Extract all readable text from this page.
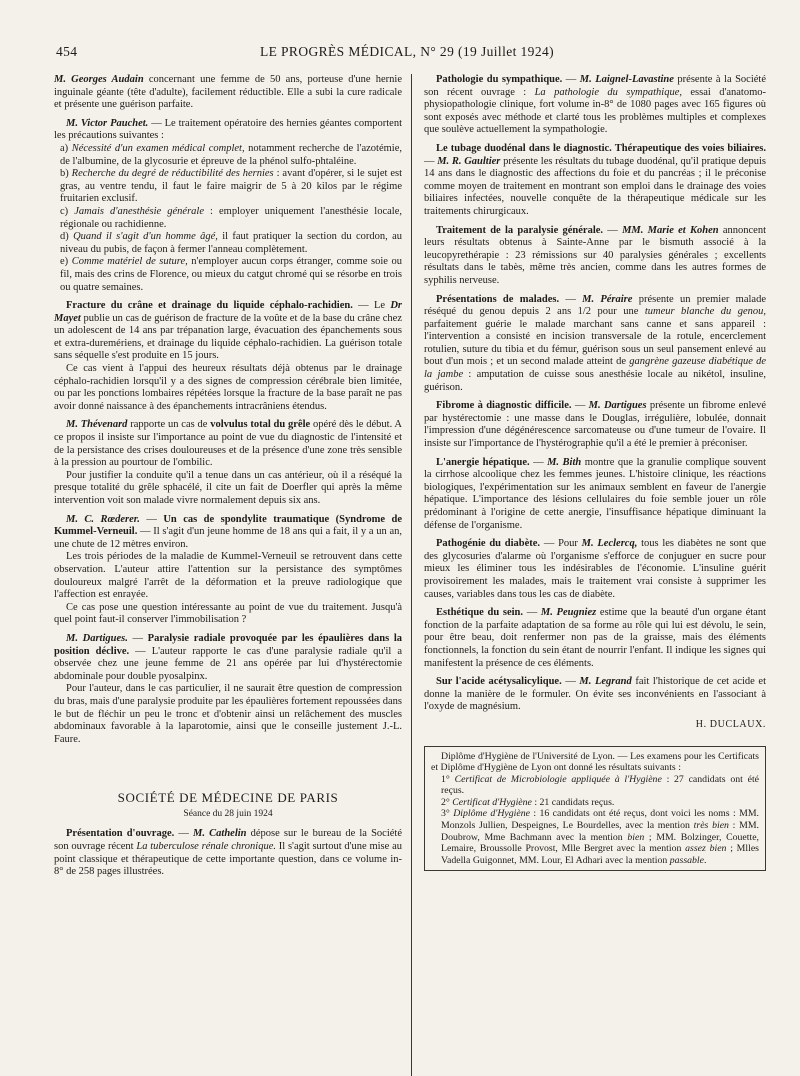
454	LE PROGRÈS MÉDICAL, N° 29 (19 Juillet 1924)

M. Georges Audain concernant une femme de 50 ans, porteuse d'une hernie inguinale géante (tête d'adulte), facilement réductible. Elle a subi la cure radicale et présente une guérison parfaite.

M. Victor Pauchet. — Le traitement opératoire des hernies géantes comportent les précautions suivantes :

a) Nécessité d'un examen médical complet, notamment recherche de l'azotémie, de l'albumine, de la glycosurie et épreuve de la phénol sulfo-phtaléine.

b) Recherche du degré de réductibilité des hernies : avant d'opérer, si le sujet est gras, au ventre tendu, il faut le faire maigrir de 5 à 20 kilos par le régime fruitarien exclusif.

c) Jamais d'anesthésie générale : employer uniquement l'anesthésie locale, régionale ou rachidienne.

d) Quand il s'agit d'un homme âgé, il faut pratiquer la section du cordon, au niveau du pubis, de façon à fermer l'anneau complètement.

e) Comme matériel de suture, n'employer aucun corps étranger, comme soie ou fil, mais des crins de Florence, ou mieux du catgut chromé qui se résorbe en trois ou quatre semaines.

Fracture du crâne et drainage du liquide céphalo-rachidien. — Le Dr Mayet publie un cas de guérison de fracture de la voûte et de la base du crâne chez un adolescent de 14 ans par trépanation large, évacuation des épanchements sous et extra-duremériens, et drainage du liquide céphalo-rachidien. La guérison totale sans séquelle s'est produite en 15 jours.

Ce cas vient à l'appui des heureux résultats déjà obtenus par le drainage céphalo-rachidien lorsqu'il y a des signes de compression cérébrale bien limitée, ou par les ponctions lombaires répétées lorsque la fracture de la base paraît ne pas avoir donné naissance à des épanchements intracrâniens étendus.

M. Thévenard rapporte un cas de volvulus total du grêle opéré dès le début. A ce propos il insiste sur l'importance au point de vue du diagnostic de l'intensité et de la persistance des crises douloureuses et de la présence d'une zone très sensible à la pression au pourtour de l'ombilic.

Pour justifier la conduite qu'il a tenue dans un cas antérieur, où il a réséqué la presque totalité du grêle sphacélé, il cite un fait de Doerfler qui après la même intervention voit son malade vivre normalement depuis six ans.

M. C. Rœderer. — Un cas de spondylite traumatique (Syndrome de Kummel-Verneuil. — Il s'agit d'un jeune homme de 18 ans qui a fait, il y a un an, une chute de 12 mètres environ.

Les trois périodes de la maladie de Kummel-Verneuil se retrouvent dans cette observation. L'auteur attire l'attention sur la persistance des symptômes douloureux malgré l'arrêt de la déformation et la preuve radiologique que l'affection est enrayée.

Ce cas pose une question intéressante au point de vue du traitement. Jusqu'à quel point faut-il conserver l'immobilisation ?

M. Dartigues. — Paralysie radiale provoquée par les épaulières dans la position déclive. — L'auteur rapporte le cas d'une paralysie radiale qu'il a observée chez une jeune femme de 21 ans opérée par lui d'hystérectomie abdominale pour double pyosalpinx.

Pour l'auteur, dans le cas particulier, il ne saurait être question de compression du bras, mais d'une paralysie produite par les épaulières fortement repoussées dans le but de fléchir un peu le tronc et d'obtenir ainsi un relâchement des muscles abdominaux favorable à la laparotomie, ainsi que le conseille justement J.-L. Faure.

SOCIÉTÉ DE MÉDECINE DE PARIS
Séance du 28 juin 1924

Présentation d'ouvrage. — M. Cathelin dépose sur le bureau de la Société son ouvrage récent La tuberculose rénale chronique. Il s'agit surtout d'une mise au point classique et thérapeutique de cette importante question, dans ce volume in-8° de 258 pages illustrées.

Pathologie du sympathique. — M. Laignel-Lavastine présente à la Société son récent ouvrage : La pathologie du sympathique, essai d'anatomo-physiopathologie clinique, fort volume in-8° de 1080 pages avec 165 figures où sont exposés avec méthode et clarté tous les problèmes multiples et complexes que soulève actuellement la sympathologie.

Le tubage duodénal dans le diagnostic. Thérapeutique des voies biliaires. — M. R. Gaultier présente les résultats du tubage duodénal, qu'il pratique depuis 14 ans dans le diagnostic des affections du foie et du pancréas ; il le préconise comme moyen de traitement en montrant son emploi dans le drainage des voies biliaires infectées, nouvelle conquête de la thérapeutique médicale sur les traitements chirurgicaux.

Traitement de la paralysie générale. — MM. Marie et Kohen annoncent leurs résultats obtenus à Sainte-Anne par le bismuth associé à la leucopyrethérapie : 23 rémissions sur 40 paralysies générales ; excellents résultats dans le tabès, même très ancien, comme dans les autres formes de syphilis nerveuse.

Présentations de malades. — M. Péraire présente un premier malade réséqué du genou depuis 2 ans 1/2 pour une tumeur blanche du genou, parfaitement guérie le malade marchant sans canne et sans appareil : l'intervention a consisté en incision transversale de la rotule, encerclement rotulien, suture du tibia et du fémur, guérison sous un seul pansement enlevé au bout d'un mois ; et un second malade atteint de gangrène gazeuse diabétique de la jambe : amputation de cuisse sous anesthésie locale au nikétol, insuline, guérison.

Fibrome à diagnostic difficile. — M. Dartigues présente un fibrome enlevé par hystérectomie : une masse dans le Douglas, irrégulière, lobulée, donnait l'impression d'une dégénérescence sarcomateuse ou d'une tumeur de l'ovaire. Il insiste sur l'importance de l'hystérographie qu'il a été le premier à préconiser.

L'anergie hépatique. — M. Bith montre que la granulie complique souvent la cirrhose alcoolique chez les femmes jeunes. L'histoire clinique, les réactions biologiques, l'expérimentation sur les animaux semblent en faveur de l'anergie hépatique. L'importance des lésions cellulaires du foie semble jouer un rôle prédominant à l'origine de cette anergie, l'insuffisance hépatique diminuant la défense de l'organisme.

Pathogénie du diabète. — Pour M. Leclercq, tous les diabètes ne sont que des glycosuries d'alarme où l'organisme s'efforce de conjuguer en sucre pour mieux les éliminer tous les indésirables de l'économie. L'insuline guérit provisoirement les malades, mais le traitement vrai consiste à supprimer les causes, variables dans tous les cas de diabète.

Esthétique du sein. — M. Peugniez estime que la beauté d'un organe étant fonction de la parfaite adaptation de sa forme au rôle qui lui est dévolu, le sein, pour être beau, doit renfermer non pas de la graisse, mais des éléments fonctionnels, la fonction du sein étant de nourrir l'enfant. Il indique les signes qui manifestent la présence de ces éléments.

Sur l'acide acétysalicylique. — M. Legrand fait l'historique de cet acide et donne la manière de le formuler. On évite ses inconvénients en l'associant à l'oxyde de magnésium.

H. DUCLAUX.

Diplôme d'Hygiène de l'Université de Lyon. — Les examens pour les Certificats et Diplôme d'Hygiène de Lyon ont donné les résultats suivants :

1° Certificat de Microbiologie appliquée à l'Hygiène : 27 candidats ont été reçus.

2° Certificat d'Hygiène : 21 candidats reçus.

3° Diplôme d'Hygiène : 16 candidats ont été reçus, dont voici les noms : MM. Monzols Jullien, Despeignes, Le Bourdelles, avec la mention très bien : MM. Doubrow, Mme Bachmann avec la mention bien ; MM. Bolzinger, Couette, Lemaire, Broussolle Provost, Mlle Bergret avec la mention assez bien ; Mlles Vadella Guigonnet, MM. Lour, El Adhari avec la mention passable.
